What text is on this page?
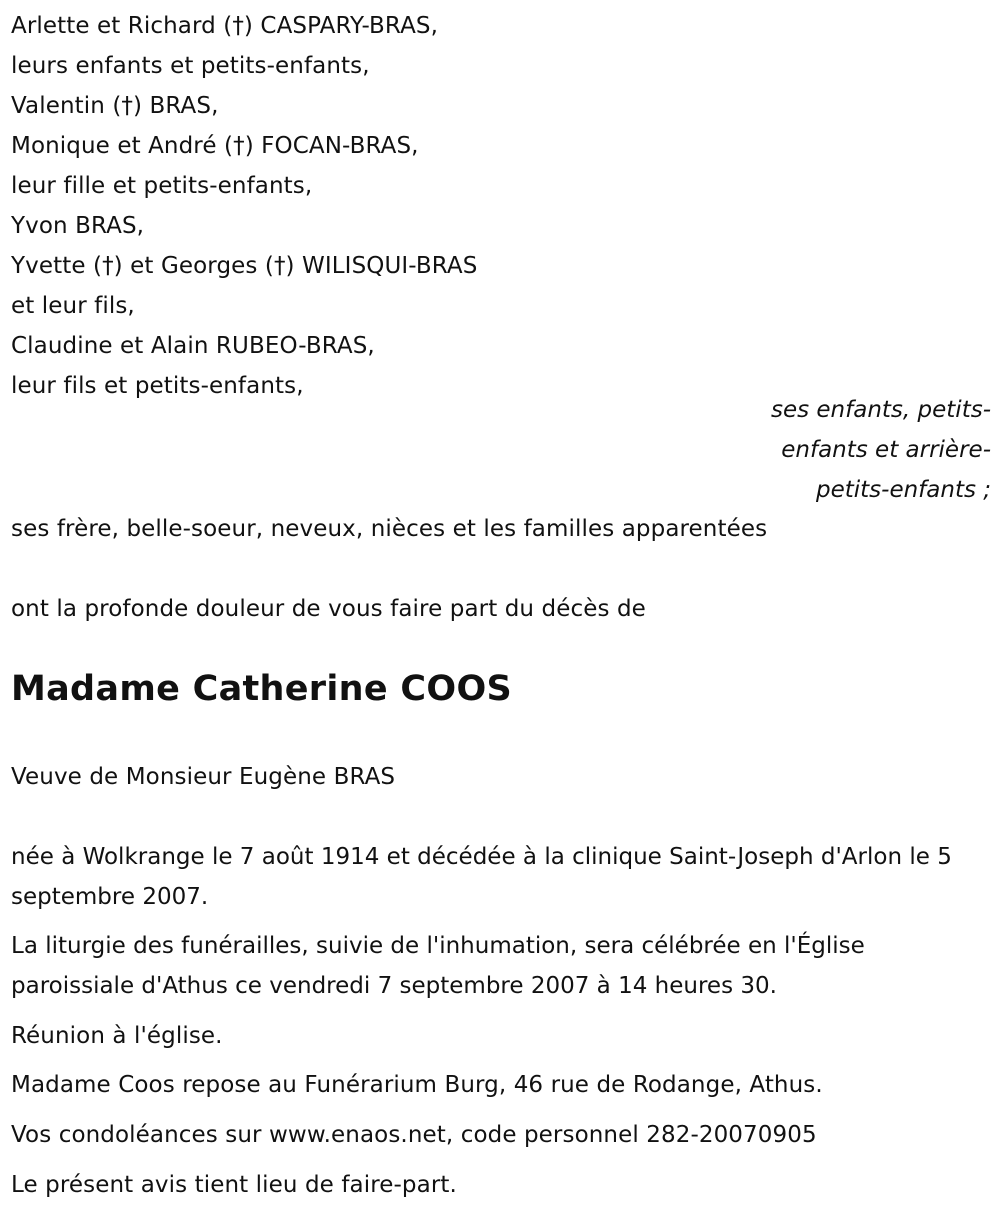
Arlette et Richard (†) CASPARY-BRAS,
leurs enfants et petits-enfants,
Valentin (†) BRAS,
Monique et André (†) FOCAN-BRAS,
leur fille et petits-enfants,
Yvon BRAS,
Yvette (†) et Georges (†) WILISQUI-BRAS
et leur fils,
Claudine et Alain RUBEO-BRAS,
leur fils et petits-enfants,
ses enfants, petits-
enfants et arrière-
petits-enfants ;
ses frère, belle-soeur, neveux, nièces et les familles apparentées
ont la profonde douleur de vous faire part du décès de
Madame Catherine COOS
Veuve de Monsieur Eugène BRAS
née à Wolkrange le 7 août 1914 et décédée à la clinique Saint-Joseph d'Arlon le 5 septembre 2007.
La liturgie des funérailles, suivie de l'inhumation, sera célébrée en l'Église paroissiale d'Athus ce vendredi 7 septembre 2007 à 14 heures 30.
Réunion à l'église.
Madame Coos repose au Funérarium Burg, 46 rue de Rodange, Athus.
Vos condoléances sur www.enaos.net, code personnel 282-20070905
Le présent avis tient lieu de faire-part.
